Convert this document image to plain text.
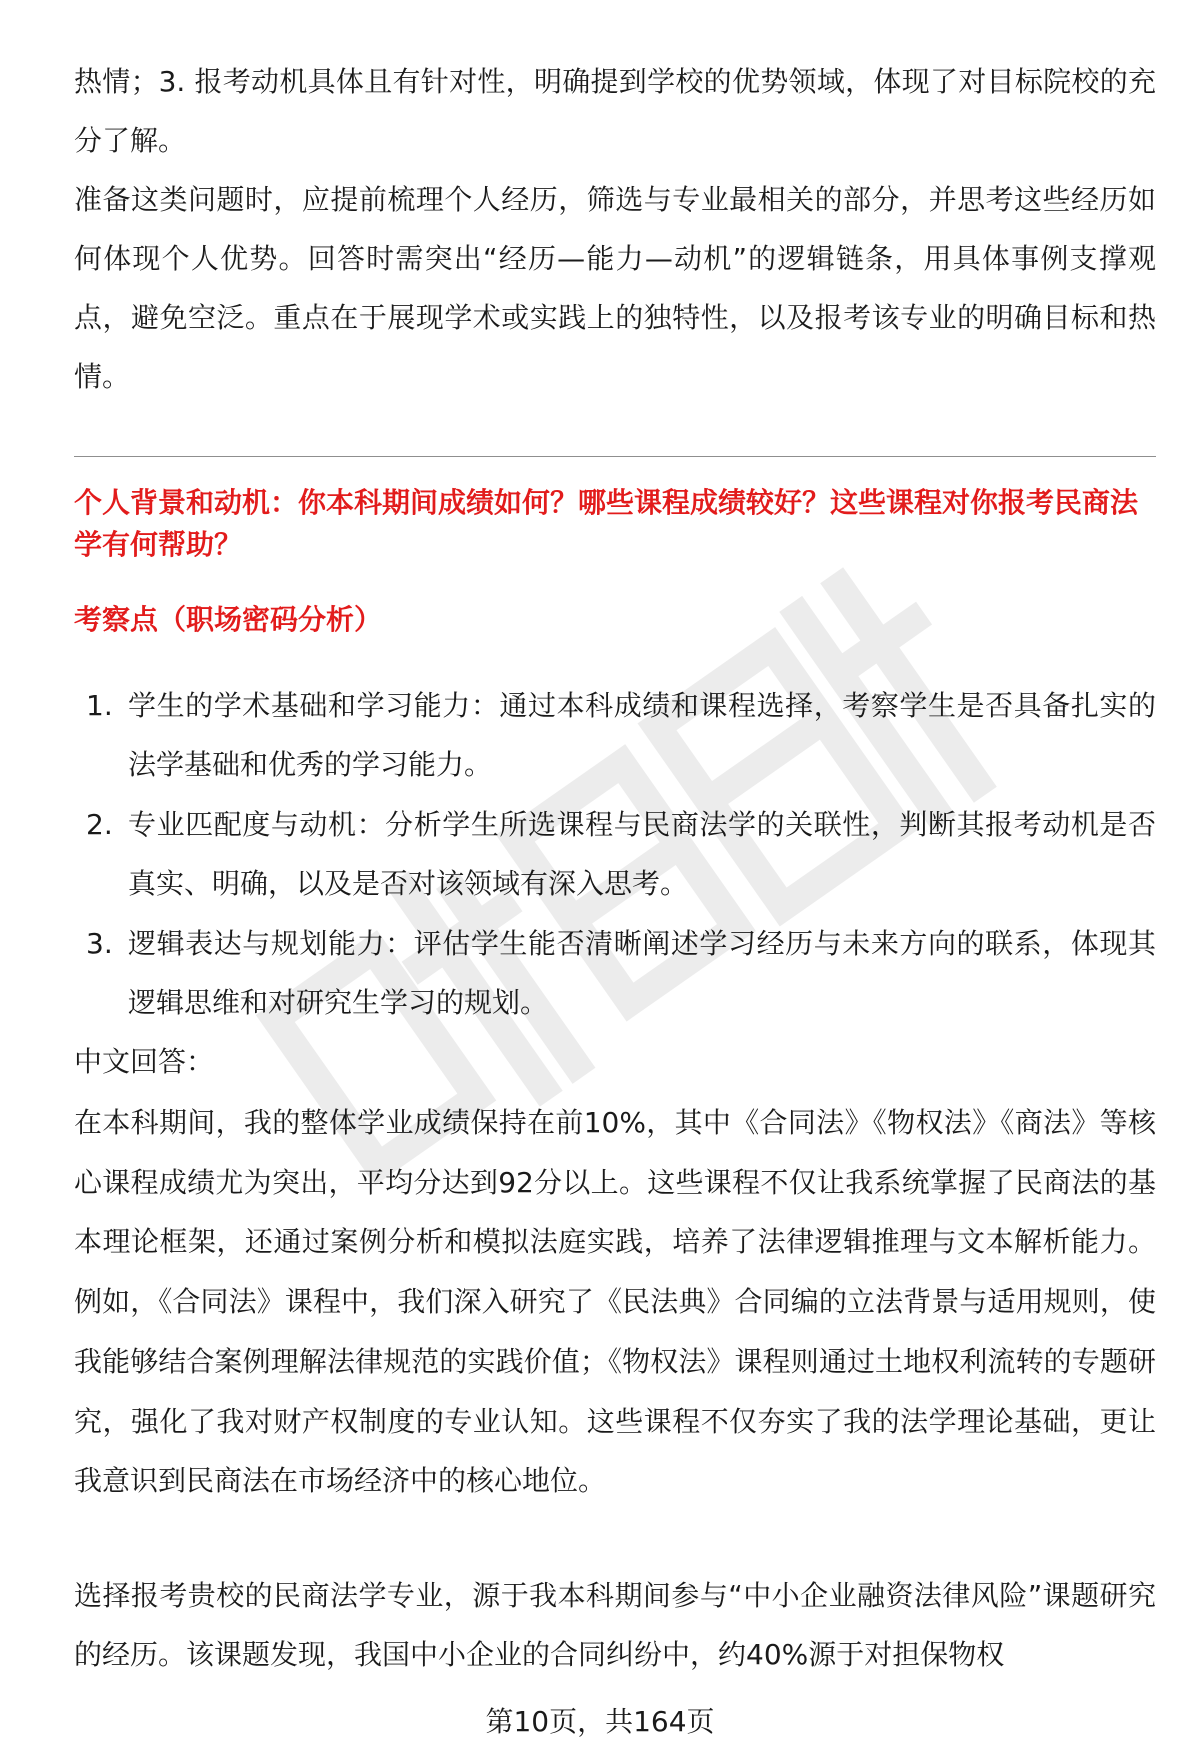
热情；3. 报考动机具体且有针对性，明确提到学校的优势领域，体现了对目标院校的充分了解。

准备这类问题时，应提前梳理个人经历，筛选与专业最相关的部分，并思考这些经历如何体现个人优势。回答时需突出“经历—能力—动机”的逻辑链条，用具体事例支撑观点，避免空泛。重点在于展现学术或实践上的独特性，以及报考该专业的明确目标和热情。

个人背景和动机：你本科期间成绩如何？哪些课程成绩较好？这些课程对你报考民商法学有何帮助？
考察点（职场密码分析）
1. 学生的学术基础和学习能力：通过本科成绩和课程选择，考察学生是否具备扎实的法学基础和优秀的学习能力。
2. 专业匹配度与动机：分析学生所选课程与民商法学的关联性，判断其报考动机是否真实、明确，以及是否对该领域有深入思考。
3. 逻辑表达与规划能力：评估学生能否清晰阐述学习经历与未来方向的联系，体现其逻辑思维和对研究生学习的规划。
中文回答：

在本科期间，我的整体学业成绩保持在前10%，其中《合同法》《物权法》《商法》等核心课程成绩尤为突出，平均分达到92分以上。这些课程不仅让我系统掌握了民商法的基本理论框架，还通过案例分析和模拟法庭实践，培养了法律逻辑推理与文本解析能力。例如，《合同法》课程中，我们深入研究了《民法典》合同编的立法背景与适用规则，使我能够结合案例理解法律规范的实践价值；《物权法》课程则通过土地权利流转的专题研究，强化了我对财产权制度的专业认知。这些课程不仅夯实了我的法学理论基础，更让我意识到民商法在市场经济中的核心地位。

选择报考贵校的民商法学专业，源于我本科期间参与“中小企业融资法律风险”课题研究的经历。该课题发现，我国中小企业的合同纠纷中，约40%源于对担保物权

第10页，共164页
